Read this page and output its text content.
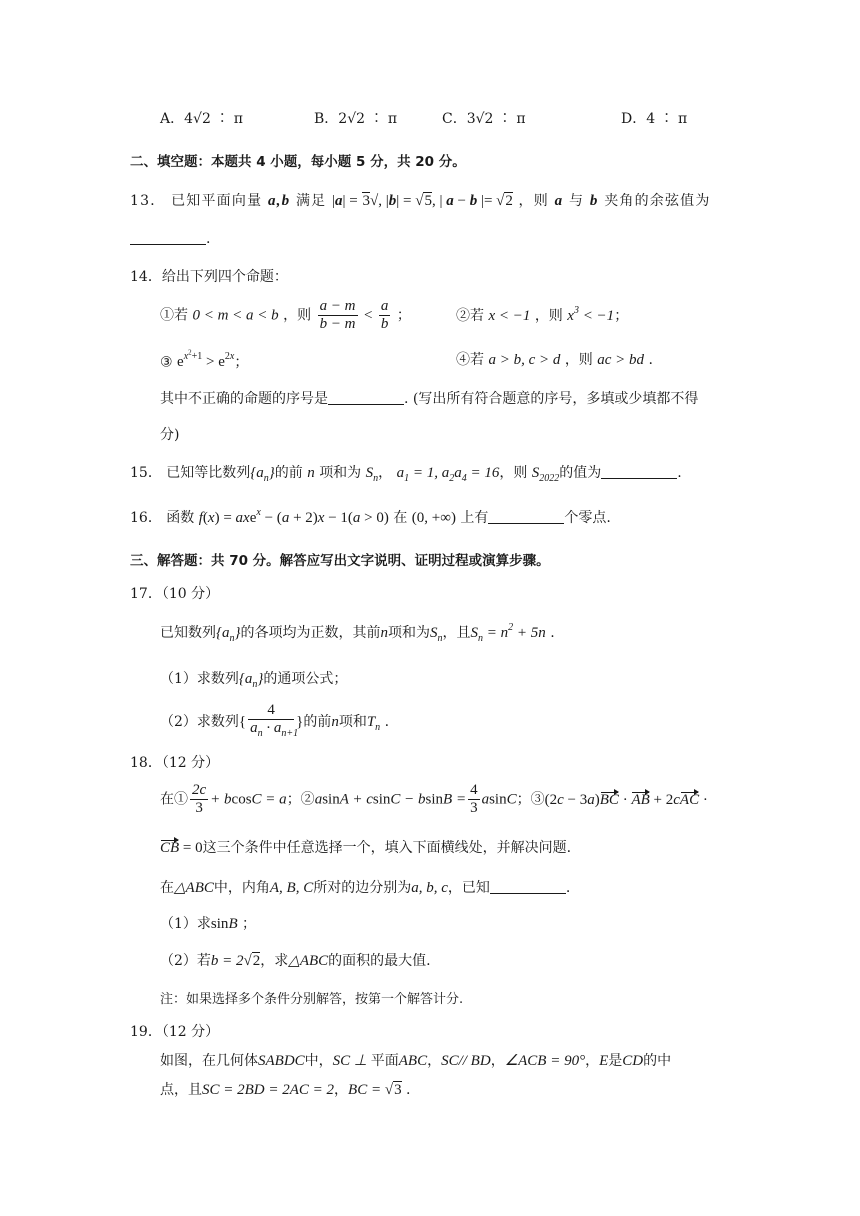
A．4√2 ∶ π	B．2√2 ∶ π	C．3√2 ∶ π	D．4 ∶ π
二、填空题：本题共 4 小题，每小题 5 分，共 20 分。
13． 已知平面向量 a,b 满足 |a| = 3√, |b| = √5, | a − b |= √2 ，则 a 与 b 夹角的余弦值为
.
14．给出下列四个命题：
①若 0 < m < a < b ，则 $\frac{a - m}{b - m} < \frac{a}{b}$ ；	②若 x < −1 ，则 $x^3 < -1$；
③ $e^{x^2+1} > e^{2x}$；	④若 a > b, c > d ，则 ac > bd .
其中不正确的命题的序号是	. (写出所有符合题意的序号，多填或少填都不得
分)
15． 已知等比数列$\{a_n\}$的前 n 项和为 $S_n$， $a_1 = 1$, $a_2a_4 = 16$，则 $S_{2022}$的值为	.
16． 函数 f(x) = axe$^x$ − (a + 2)x − 1(a > 0) 在 (0, +∞) 上有	个零点.
三、解答题：共 70 分。解答应写出文字说明、证明过程或演算步骤。
17．（10 分）
已知数列$\{a_n\}$的各项均为正数，其前n项和为$S_n$，且$S_n = n^2 + 5n$ .
（1）求数列$\{a_n\}$的通项公式；
（2）求数列{ $\frac{4}{a_n \cdot a_{n+1}}$ }的前n项和$T_n$ .
18．（12 分）
在① $\frac{2c}{3} + bcosC = a$；②asinA + $csinC - bsinB = \frac{4}{3}$ asinC；③(2c − 3a)BC · AB + 2cAC ·
CB = 0这三个条件中任意选择一个，填入下面横线处，并解决问题.
在△ABC中，内角A, B, C所对的边分别为a, b, c，已知	.
（1）求sinB ；
（2）若b = 2√2，求△ABC的面积的最大值.
注：如果选择多个条件分别解答，按第一个解答计分.
19．（12 分）
如图，在几何体SABDC中，SC ⊥ 平面ABC，SC// BD，∠ACB = 90°，E是CD的中
点，且SC = 2BD = 2AC = 2，BC = √3 .
